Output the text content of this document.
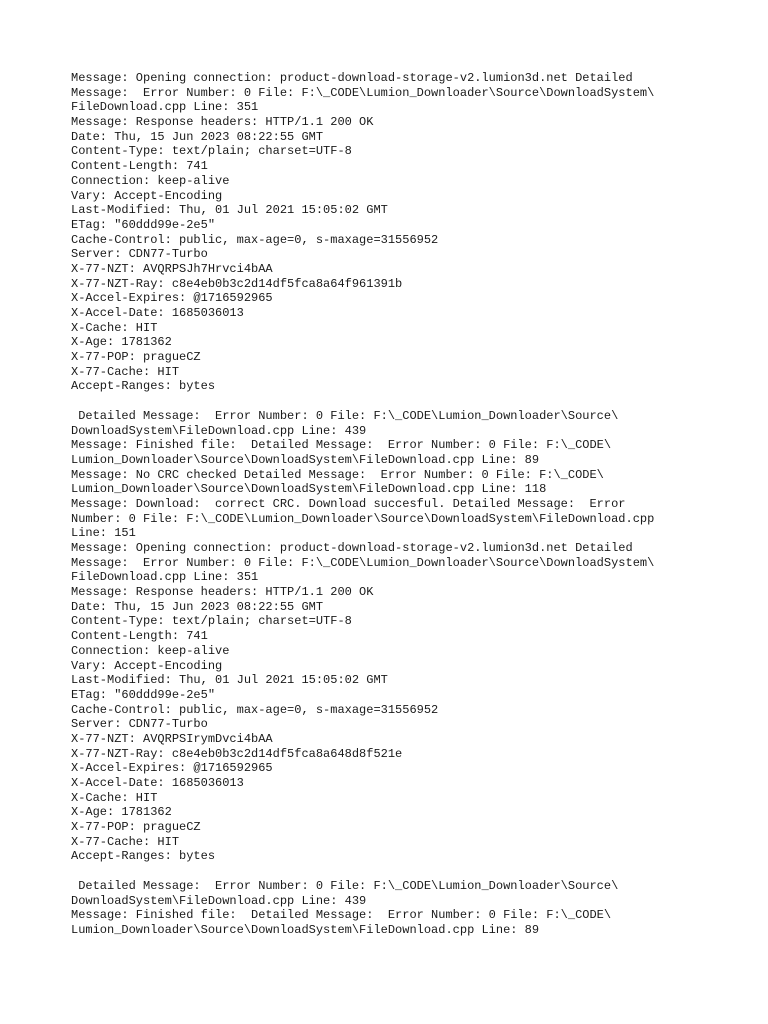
Message: Opening connection: product-download-storage-v2.lumion3d.net Detailed
Message:  Error Number: 0 File: F:\_CODE\Lumion_Downloader\Source\DownloadSystem\
FileDownload.cpp Line: 351
Message: Response headers: HTTP/1.1 200 OK
Date: Thu, 15 Jun 2023 08:22:55 GMT
Content-Type: text/plain; charset=UTF-8
Content-Length: 741
Connection: keep-alive
Vary: Accept-Encoding
Last-Modified: Thu, 01 Jul 2021 15:05:02 GMT
ETag: "60ddd99e-2e5"
Cache-Control: public, max-age=0, s-maxage=31556952
Server: CDN77-Turbo
X-77-NZT: AVQRPSJh7Hrvci4bAA
X-77-NZT-Ray: c8e4eb0b3c2d14df5fca8a64f961391b
X-Accel-Expires: @1716592965
X-Accel-Date: 1685036013
X-Cache: HIT
X-Age: 1781362
X-77-POP: pragueCZ
X-77-Cache: HIT
Accept-Ranges: bytes
Detailed Message:  Error Number: 0 File: F:\_CODE\Lumion_Downloader\Source\
DownloadSystem\FileDownload.cpp Line: 439
Message: Finished file:  Detailed Message:  Error Number: 0 File: F:\_CODE\
Lumion_Downloader\Source\DownloadSystem\FileDownload.cpp Line: 89
Message: No CRC checked Detailed Message:  Error Number: 0 File: F:\_CODE\
Lumion_Downloader\Source\DownloadSystem\FileDownload.cpp Line: 118
Message: Download:  correct CRC. Download succesful. Detailed Message:  Error
Number: 0 File: F:\_CODE\Lumion_Downloader\Source\DownloadSystem\FileDownload.cpp
Line: 151
Message: Opening connection: product-download-storage-v2.lumion3d.net Detailed
Message:  Error Number: 0 File: F:\_CODE\Lumion_Downloader\Source\DownloadSystem\
FileDownload.cpp Line: 351
Message: Response headers: HTTP/1.1 200 OK
Date: Thu, 15 Jun 2023 08:22:55 GMT
Content-Type: text/plain; charset=UTF-8
Content-Length: 741
Connection: keep-alive
Vary: Accept-Encoding
Last-Modified: Thu, 01 Jul 2021 15:05:02 GMT
ETag: "60ddd99e-2e5"
Cache-Control: public, max-age=0, s-maxage=31556952
Server: CDN77-Turbo
X-77-NZT: AVQRPSIrymDvci4bAA
X-77-NZT-Ray: c8e4eb0b3c2d14df5fca8a648d8f521e
X-Accel-Expires: @1716592965
X-Accel-Date: 1685036013
X-Cache: HIT
X-Age: 1781362
X-77-POP: pragueCZ
X-77-Cache: HIT
Accept-Ranges: bytes
Detailed Message:  Error Number: 0 File: F:\_CODE\Lumion_Downloader\Source\
DownloadSystem\FileDownload.cpp Line: 439
Message: Finished file:  Detailed Message:  Error Number: 0 File: F:\_CODE\
Lumion_Downloader\Source\DownloadSystem\FileDownload.cpp Line: 89
